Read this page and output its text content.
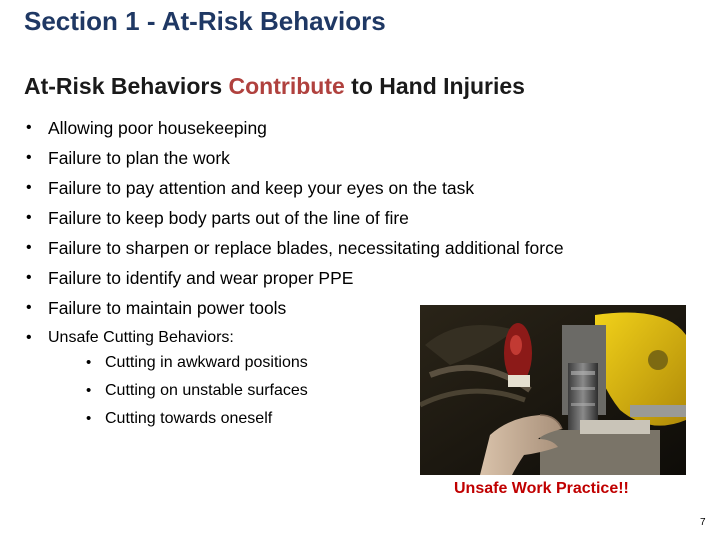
Section 1 - At-Risk Behaviors
At-Risk Behaviors Contribute to Hand Injuries
• Allowing poor housekeeping
• Failure to plan the work
• Failure to pay attention and keep your eyes on the task
• Failure to keep body parts out of the line of fire
• Failure to sharpen or replace blades, necessitating additional force
• Failure to identify and wear proper PPE
• Failure to maintain power tools
• Unsafe Cutting Behaviors:
• Cutting in awkward positions
• Cutting on unstable surfaces
• Cutting towards oneself
Unsafe Work Practice!!
7
